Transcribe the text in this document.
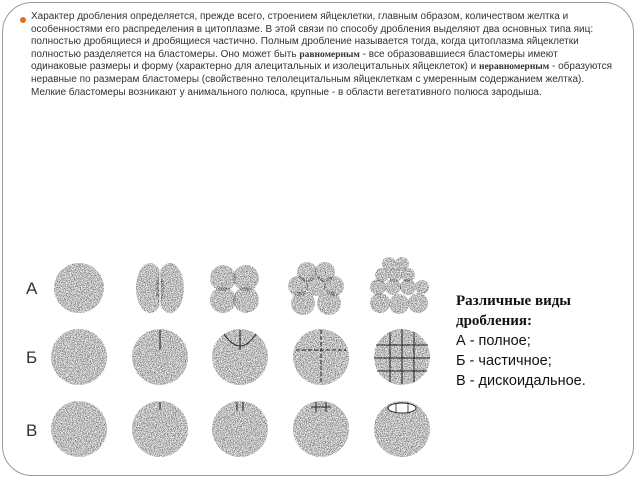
Характер дробления определяется, прежде всего, строением яйцеклетки, главным образом, количеством желтка и особенностями его распределения в цитоплазме. В этой связи по способу дробления выделяют два основных типа яиц: полностью дробящиеся и дробящиеся частично. Полным дробление называется тогда, когда цитоплазма яйцеклетки полностью разделяется на бластомеры. Оно может быть равномерным - все образовавшиеся бластомеры имеют одинаковые размеры и форму (характерно для алецитальных и изолецитальных яйцеклеток) и неравномерным - образуются неравные по размерам бластомеры (свойственно телолецитальным яйцеклеткам с умеренным содержанием желтка). Мелкие бластомеры возникают у анимального полюса, крупные - в области вегетативного полюса зародыша.
А
Б
В
Различные виды дробления:
А - полное;
Б - частичное;
В - дискоидальное.
